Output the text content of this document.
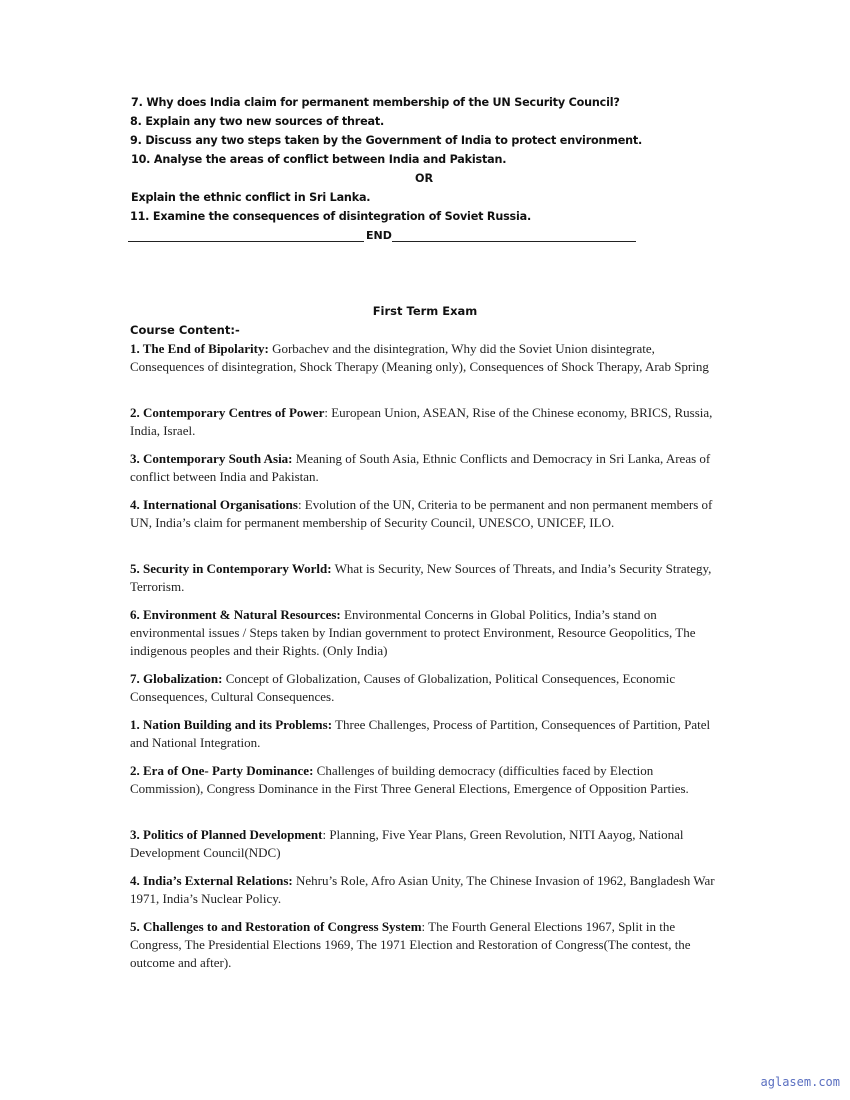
7. Why does India claim for permanent membership of the UN Security Council?
8. Explain any two new sources of threat.
9. Discuss any two steps taken by the Government of India to protect environment.
10. Analyse the areas of conflict between India and Pakistan.
OR
Explain the ethnic conflict in Sri Lanka.
11. Examine the consequences of disintegration of Soviet Russia.
END
First Term Exam
Course Content:-
1. The End of Bipolarity: Gorbachev and the disintegration, Why did the Soviet Union disintegrate, Consequences of disintegration, Shock Therapy (Meaning only), Consequences of Shock Therapy, Arab Spring
2. Contemporary Centres of Power: European Union, ASEAN, Rise of the Chinese economy, BRICS, Russia, India, Israel.
3. Contemporary South Asia: Meaning of South Asia, Ethnic Conflicts and Democracy in Sri Lanka, Areas of conflict between India and Pakistan.
4. International Organisations: Evolution of the UN, Criteria to be permanent and non permanent members of UN, India’s claim for permanent membership of Security Council, UNESCO, UNICEF, ILO.
5. Security in Contemporary World: What is Security, New Sources of Threats, and India’s Security Strategy, Terrorism.
6. Environment & Natural Resources: Environmental Concerns in Global Politics, India’s stand on environmental issues / Steps taken by Indian government to protect Environment, Resource Geopolitics, The indigenous peoples and their Rights. (Only India)
7. Globalization: Concept of Globalization, Causes of Globalization, Political Consequences, Economic Consequences, Cultural Consequences.
1. Nation Building and its Problems: Three Challenges, Process of Partition, Consequences of Partition, Patel and National Integration.
2. Era of One- Party Dominance: Challenges of building democracy (difficulties faced by Election Commission), Congress Dominance in the First Three General Elections, Emergence of Opposition Parties.
3. Politics of Planned Development: Planning, Five Year Plans, Green Revolution, NITI Aayog, National Development Council(NDC)
4. India’s External Relations: Nehru’s Role, Afro Asian Unity, The Chinese Invasion of 1962, Bangladesh War 1971, India’s Nuclear Policy.
5. Challenges to and Restoration of Congress System: The Fourth General Elections 1967, Split in the Congress, The Presidential Elections 1969, The 1971 Election and Restoration of Congress(The contest, the outcome and after).
aglasem.com
